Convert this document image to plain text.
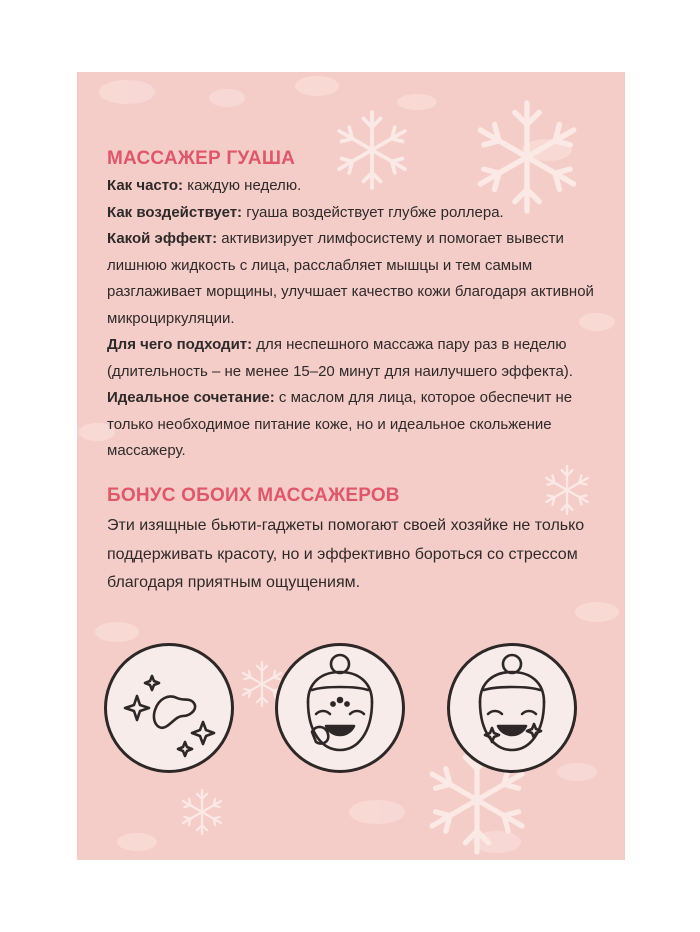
МАССАЖЕР ГУАША

Как часто: каждую неделю.

Как воздействует: гуаша воздействует глубже роллера.

Какой эффект: активизирует лимфосистему и помогает вывести лишнюю жидкость с лица, расслабляет мышцы и тем самым разглаживает морщины, улучшает качество кожи благодаря активной микроциркуляции.

Для чего подходит: для неспешного массажа пару раз в неделю (длительность – не менее 15–20 минут для наилучшего эффекта).

Идеальное сочетание: с маслом для лица, которое обеспечит не только необходимое питание коже, но и идеальное скольжение массажеру.

БОНУС ОБОИХ МАССАЖЕРОВ

Эти изящные бьюти-гаджеты помогают своей хозяйке не только поддерживать красоту, но и эффективно бороться со стрессом благодаря приятным ощущениям.
